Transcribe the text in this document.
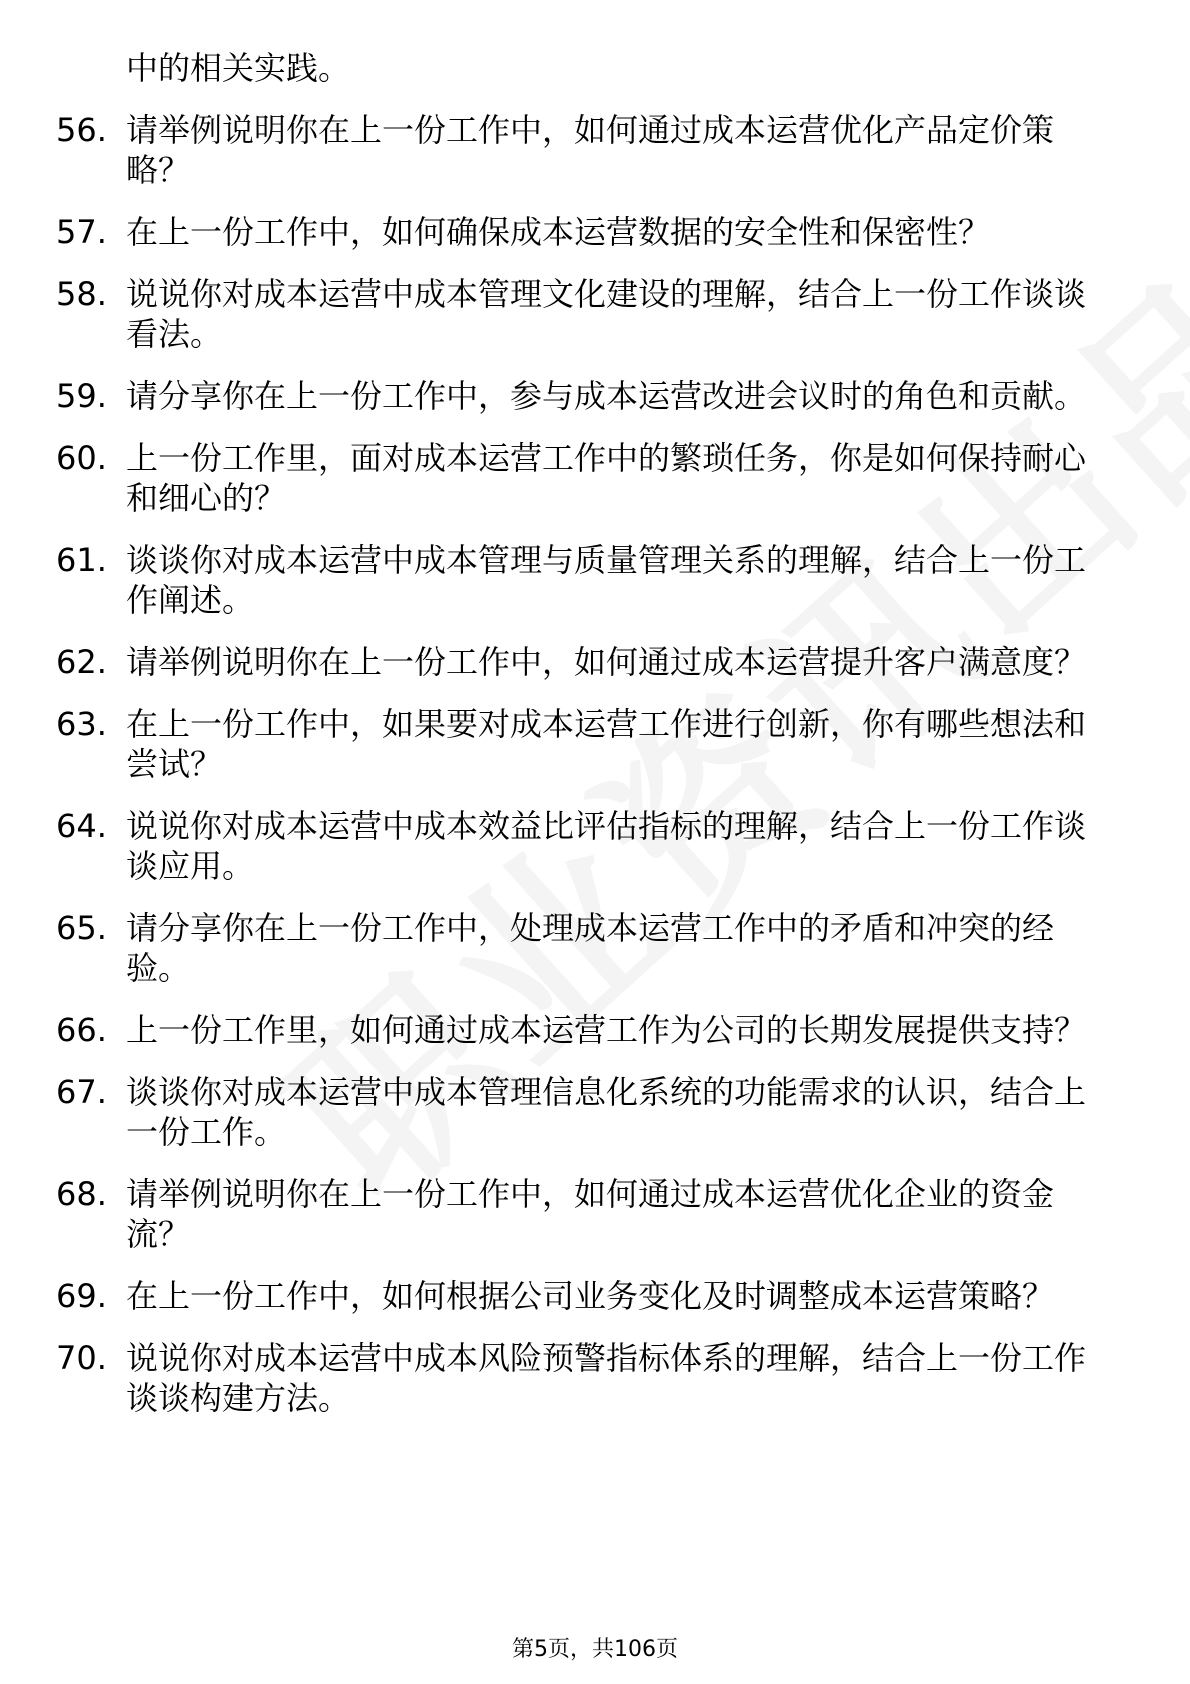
中的相关实践。
56. 请举例说明你在上一份工作中，如何通过成本运营优化产品定价策略？
57. 在上一份工作中，如何确保成本运营数据的安全性和保密性？
58. 说说你对成本运营中成本管理文化建设的理解，结合上一份工作谈谈看法。
59. 请分享你在上一份工作中，参与成本运营改进会议时的角色和贡献。
60. 上一份工作里，面对成本运营工作中的繁琐任务，你是如何保持耐心和细心的？
61. 谈谈你对成本运营中成本管理与质量管理关系的理解，结合上一份工作阐述。
62. 请举例说明你在上一份工作中，如何通过成本运营提升客户满意度？
63. 在上一份工作中，如果要对成本运营工作进行创新，你有哪些想法和尝试？
64. 说说你对成本运营中成本效益比评估指标的理解，结合上一份工作谈谈应用。
65. 请分享你在上一份工作中，处理成本运营工作中的矛盾和冲突的经验。
66. 上一份工作里，如何通过成本运营工作为公司的长期发展提供支持？
67. 谈谈你对成本运营中成本管理信息化系统的功能需求的认识，结合上一份工作。
68. 请举例说明你在上一份工作中，如何通过成本运营优化企业的资金流？
69. 在上一份工作中，如何根据公司业务变化及时调整成本运营策略？
70. 说说你对成本运营中成本风险预警指标体系的理解，结合上一份工作谈谈构建方法。
第5页，共106页
